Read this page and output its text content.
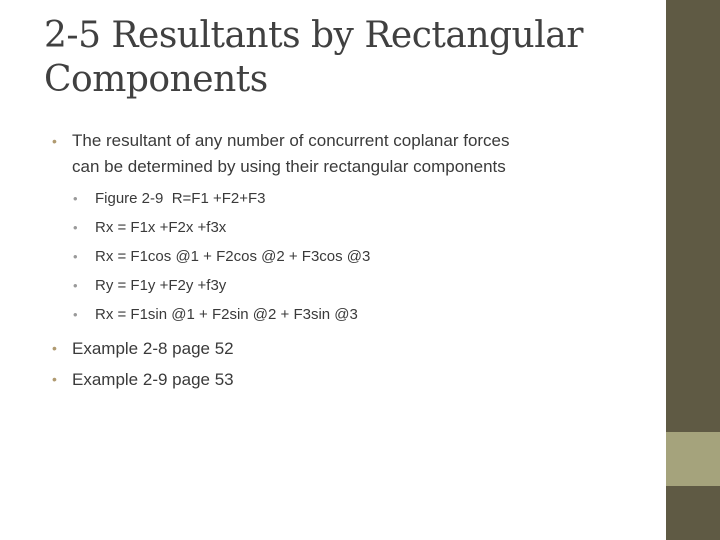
2-5 Resultants by Rectangular
Components
• The resultant of any number of concurrent coplanar forces
can be determined by using their rectangular components
• Figure 2-9  R=F1 +F2+F3
• Rx = F1x +F2x +f3x
• Rx = F1cos @1 + F2cos @2 + F3cos @3
• Ry = F1y +F2y +f3y
• Rx = F1sin @1 + F2sin @2 + F3sin @3
• Example 2-8 page 52
• Example 2-9 page 53
